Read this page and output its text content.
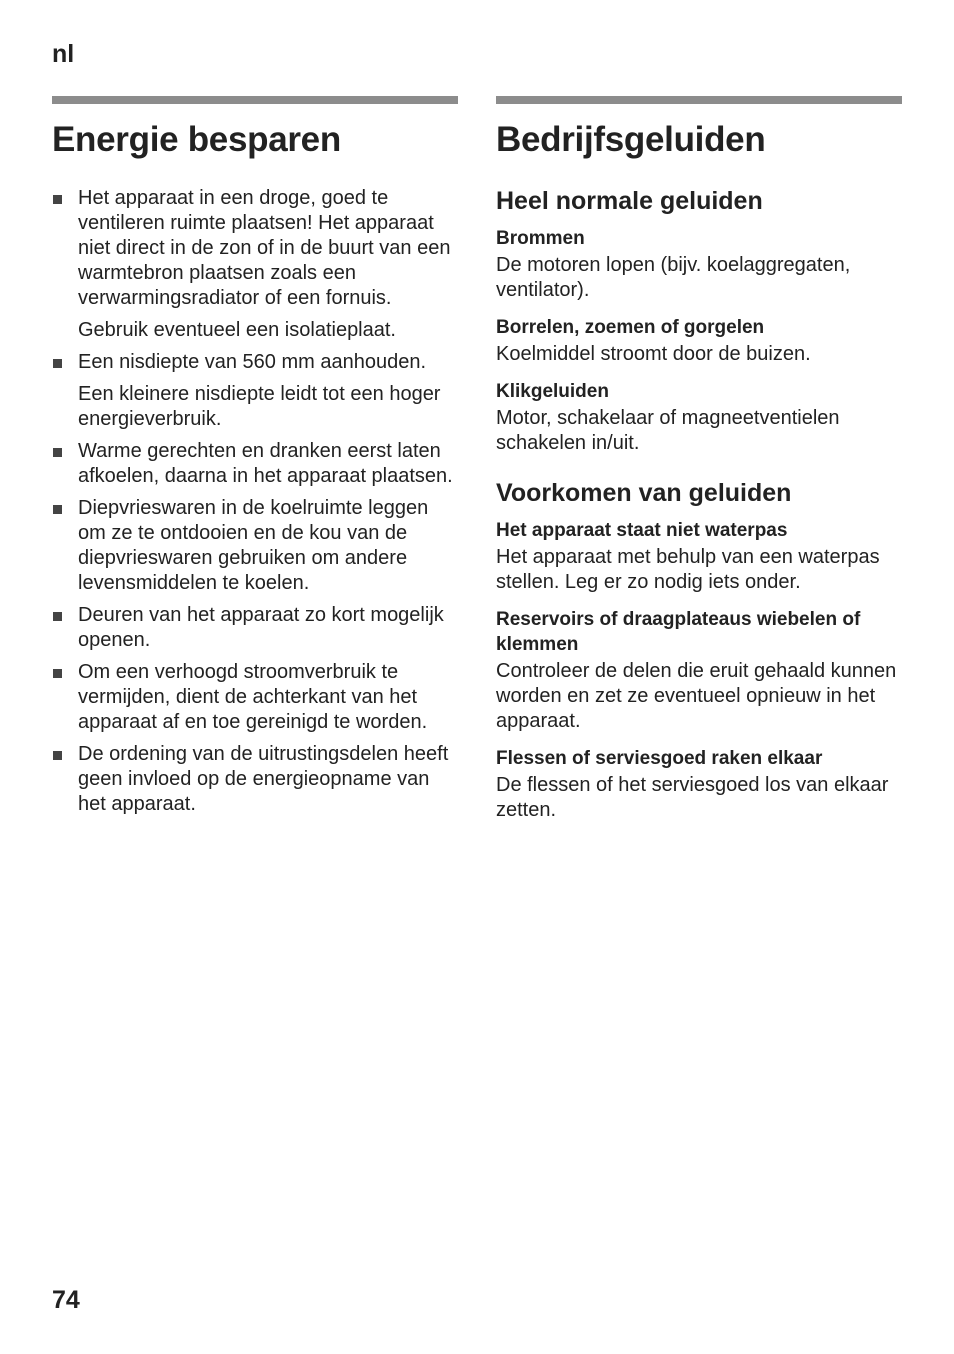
nl
Energie besparen
Het apparaat in een droge, goed te ventileren ruimte plaatsen! Het apparaat niet direct in de zon of in de buurt van een warmtebron plaatsen zoals een verwarmingsradiator of een fornuis.
Gebruik eventueel een isolatieplaat.
Een nisdiepte van 560 mm aanhouden.
Een kleinere nisdiepte leidt tot een hoger energieverbruik.
Warme gerechten en dranken eerst laten afkoelen, daarna in het apparaat plaatsen.
Diepvrieswaren in de koelruimte leggen om ze te ontdooien en de kou van de diepvrieswaren gebruiken om andere levensmiddelen te koelen.
Deuren van het apparaat zo kort mogelijk openen.
Om een verhoogd stroomverbruik te vermijden, dient de achterkant van het apparaat af en toe gereinigd te worden.
De ordening van de uitrustingsdelen heeft geen invloed op de energieopname van het apparaat.
Bedrijfsgeluiden
Heel normale geluiden
Brommen

De motoren lopen (bijv. koelaggregaten, ventilator).

Borrelen, zoemen of gorgelen

Koelmiddel stroomt door de buizen.

Klikgeluiden

Motor, schakelaar of magneetventielen schakelen in/uit.

Voorkomen van geluiden
Het apparaat staat niet waterpas

Het apparaat met behulp van een waterpas stellen. Leg er zo nodig iets onder.

Reservoirs of draagplateaus wiebelen of klemmen

Controleer de delen die eruit gehaald kunnen worden en zet ze eventueel opnieuw in het apparaat.

Flessen of serviesgoed raken elkaar

De flessen of het serviesgoed los van elkaar zetten.

74
